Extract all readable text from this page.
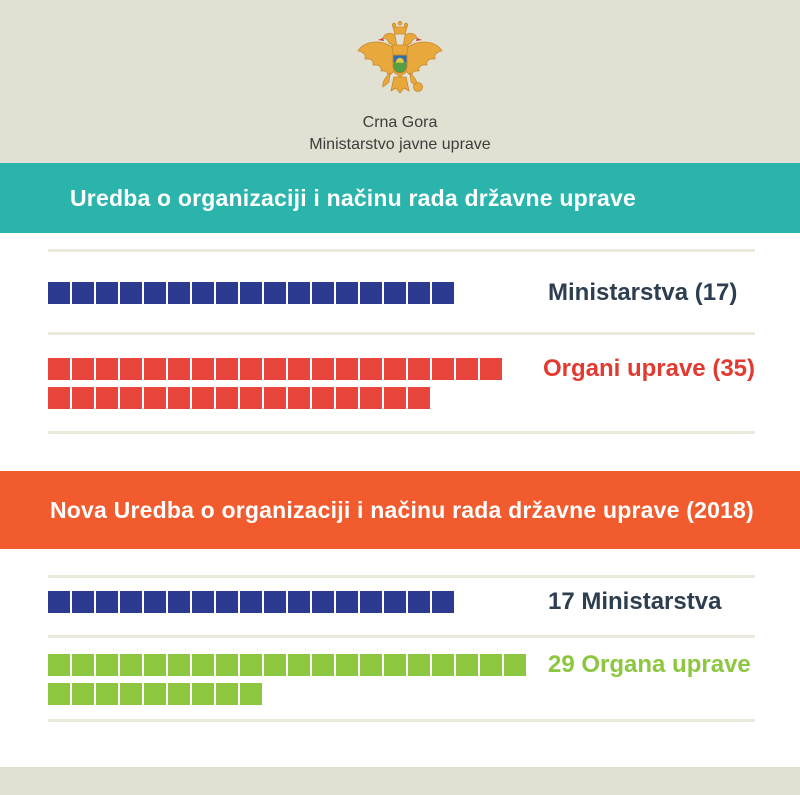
Crna Gora
Ministarstvo javne uprave
Uredba o organizaciji i načinu rada državne uprave
Ministarstva (17)
Organi uprave (35)
Nova Uredba o organizaciji i načinu rada državne uprave (2018)
17 Ministarstva
29 Organa uprave
